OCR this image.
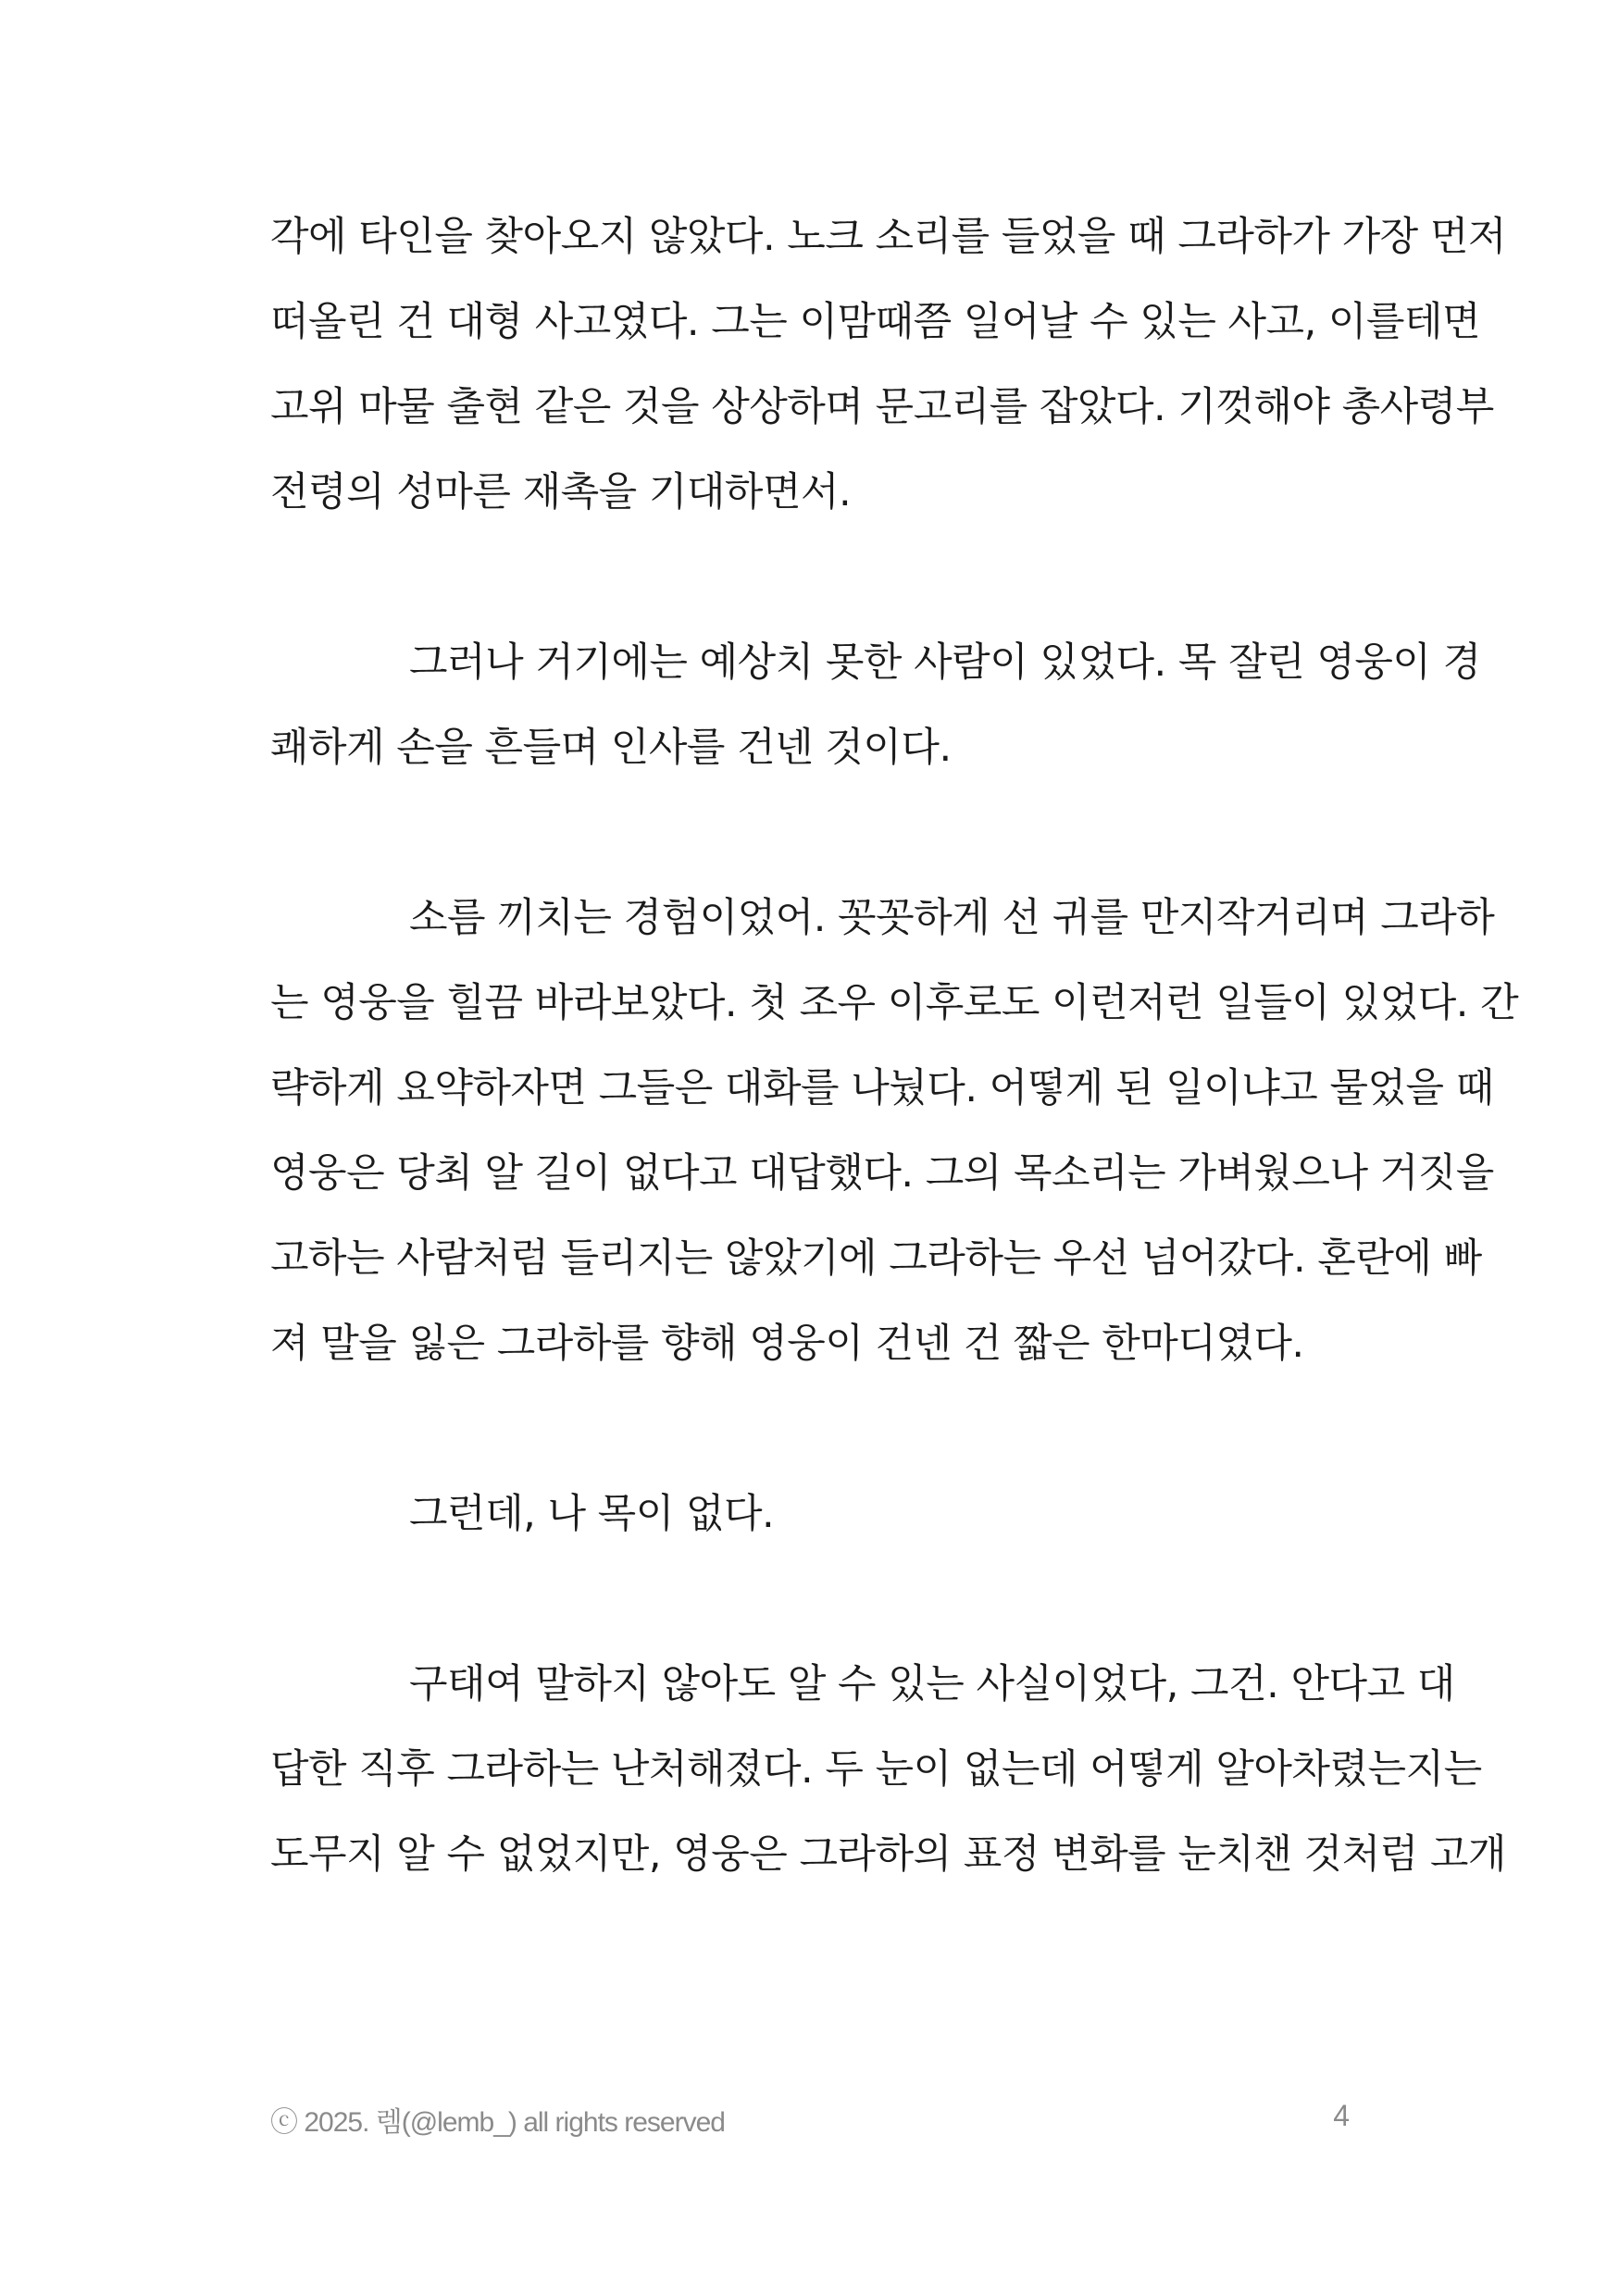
각에 타인을 찾아오지 않았다. 노크 소리를 들었을 때 그라하가 가장 먼저
떠올린 건 대형 사고였다. 그는 이맘때쯤 일어날 수 있는 사고, 이를테면
고위 마물 출현 같은 것을 상상하며 문고리를 잡았다. 기껏해야 총사령부
전령의 성마른 재촉을 기대하면서.
그러나 거기에는 예상치 못한 사람이 있었다. 목 잘린 영웅이 경
쾌하게 손을 흔들며 인사를 건넨 것이다.
소름 끼치는 경험이었어. 꼿꼿하게 선 귀를 만지작거리며 그라하
는 영웅을 힐끔 바라보았다. 첫 조우 이후로도 이런저런 일들이 있었다. 간
략하게 요약하자면 그들은 대화를 나눴다. 어떻게 된 일이냐고 물었을 때
영웅은 당최 알 길이 없다고 대답했다. 그의 목소리는 가벼웠으나 거짓을
고하는 사람처럼 들리지는 않았기에 그라하는 우선 넘어갔다. 혼란에 빠
져 말을 잃은 그라하를 향해 영웅이 건넨 건 짧은 한마디였다.
그런데, 나 목이 없다.
구태여 말하지 않아도 알 수 있는 사실이었다, 그건. 안다고 대
답한 직후 그라하는 난처해졌다. 두 눈이 없는데 어떻게 알아차렸는지는
도무지 알 수 없었지만, 영웅은 그라하의 표정 변화를 눈치챈 것처럼 고개
ⓒ 2025. 렘(@lemb_) all rights reserved	4
